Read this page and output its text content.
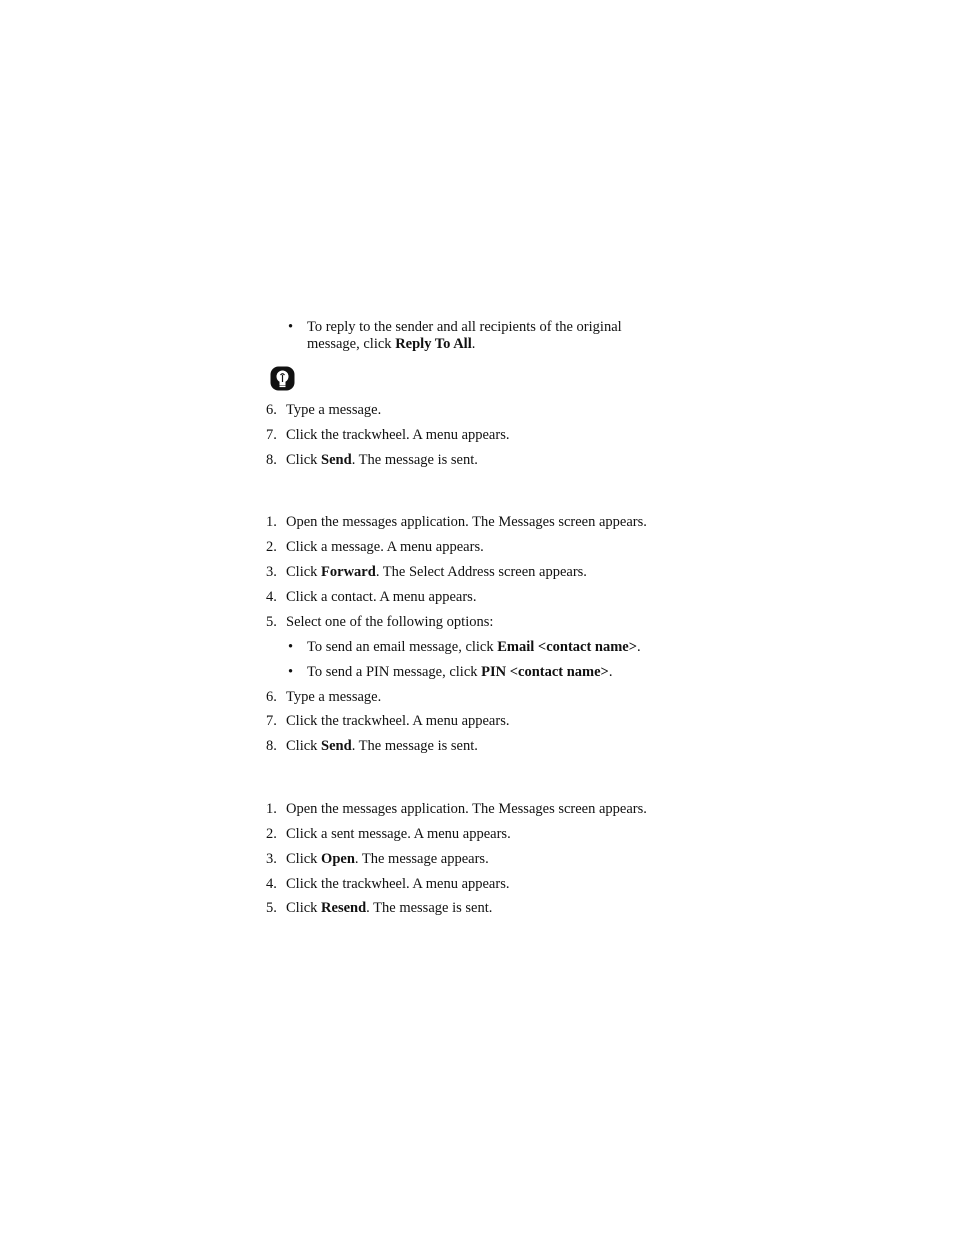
• To reply to the sender and all recipients of the original
message, click Reply To All.
6. Type a message.
7. Click the trackwheel. A menu appears.
8. Click Send. The message is sent.
1. Open the messages application. The Messages screen appears.
2. Click a message. A menu appears.
3. Click Forward. The Select Address screen appears.
4. Click a contact. A menu appears.
5. Select one of the following options:
• To send an email message, click Email <contact name>.
• To send a PIN message, click PIN <contact name>.
6. Type a message.
7. Click the trackwheel. A menu appears.
8. Click Send. The message is sent.
1. Open the messages application. The Messages screen appears.
2. Click a sent message. A menu appears.
3. Click Open. The message appears.
4. Click the trackwheel. A menu appears.
5. Click Resend. The message is sent.
